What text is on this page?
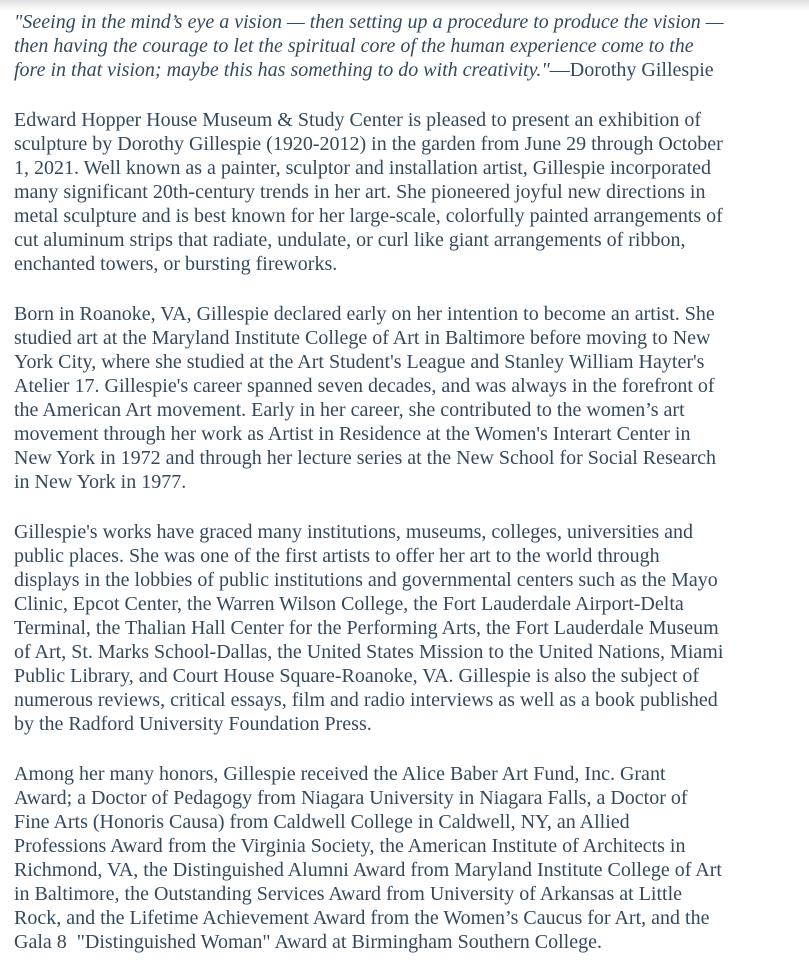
"Seeing in the mind’s eye a vision — then setting up a procedure to produce the vision —
then having the courage to let the spiritual core of the human experience come to the
fore in that vision; maybe this has something to do with creativity."—Dorothy Gillespie
Edward Hopper House Museum & Study Center is pleased to present an exhibition of
sculpture by Dorothy Gillespie (1920-2012) in the garden from June 29 through October
1, 2021. Well known as a painter, sculptor and installation artist, Gillespie incorporated
many significant 20th-century trends in her art. She pioneered joyful new directions in
metal sculpture and is best known for her large-scale, colorfully painted arrangements of
cut aluminum strips that radiate, undulate, or curl like giant arrangements of ribbon,
enchanted towers, or bursting fireworks.
Born in Roanoke, VA, Gillespie declared early on her intention to become an artist. She
studied art at the Maryland Institute College of Art in Baltimore before moving to New
York City, where she studied at the Art Student's League and Stanley William Hayter's
Atelier 17. Gillespie's career spanned seven decades, and was always in the forefront of
the American Art movement. Early in her career, she contributed to the women’s art
movement through her work as Artist in Residence at the Women's Interart Center in
New York in 1972 and through her lecture series at the New School for Social Research
in New York in 1977.
Gillespie's works have graced many institutions, museums, colleges, universities and
public places. She was one of the first artists to offer her art to the world through
displays in the lobbies of public institutions and governmental centers such as the Mayo
Clinic, Epcot Center, the Warren Wilson College, the Fort Lauderdale Airport-Delta
Terminal, the Thalian Hall Center for the Performing Arts, the Fort Lauderdale Museum
of Art, St. Marks School-Dallas, the United States Mission to the United Nations, Miami
Public Library, and Court House Square-Roanoke, VA. Gillespie is also the subject of
numerous reviews, critical essays, film and radio interviews as well as a book published
by the Radford University Foundation Press.
Among her many honors, Gillespie received the Alice Baber Art Fund, Inc. Grant
Award; a Doctor of Pedagogy from Niagara University in Niagara Falls, a Doctor of
Fine Arts (Honoris Causa) from Caldwell College in Caldwell, NY, an Allied
Professions Award from the Virginia Society, the American Institute of Architects in
Richmond, VA, the Distinguished Alumni Award from Maryland Institute College of Art
in Baltimore, the Outstanding Services Award from University of Arkansas at Little
Rock, and the Lifetime Achievement Award from the Women’s Caucus for Art, and the
Gala 8  "Distinguished Woman" Award at Birmingham Southern College.
